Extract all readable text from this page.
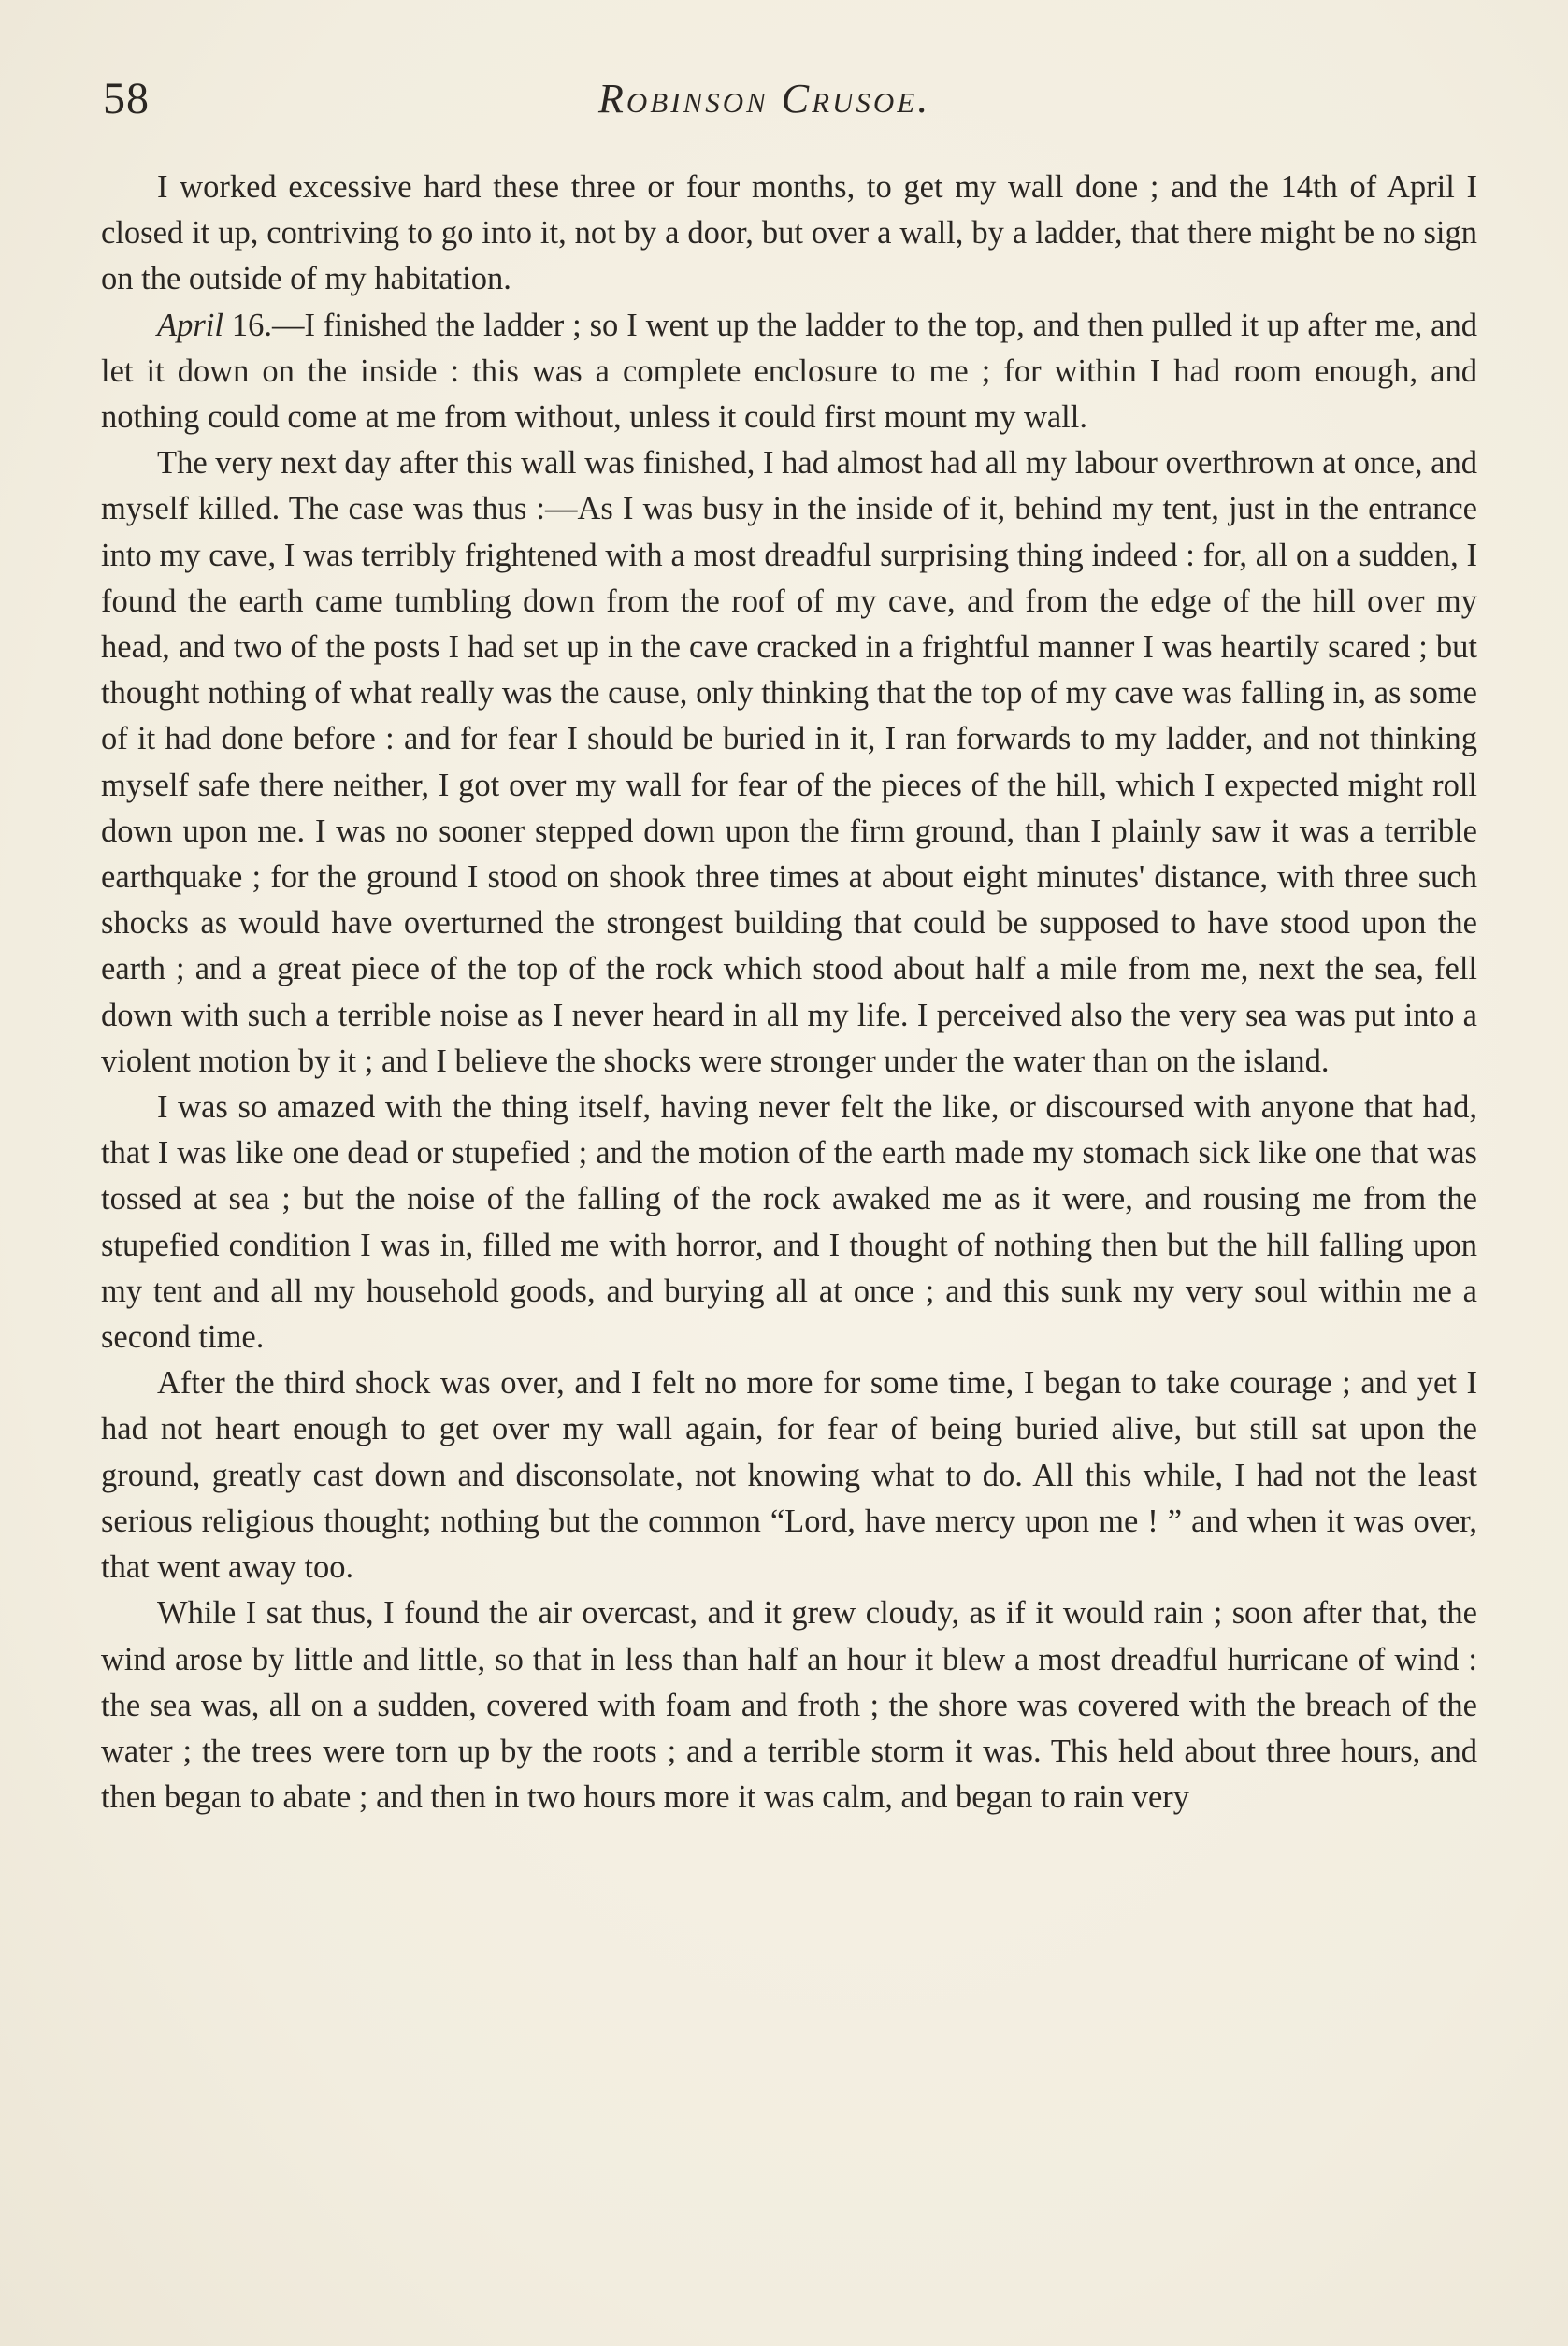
58	Robinson Crusoe.

I worked excessive hard these three or four months, to get my wall done ; and the 14th of April I closed it up, contriving to go into it, not by a door, but over a wall, by a ladder, that there might be no sign on the outside of my habitation.

April 16.—I finished the ladder ; so I went up the ladder to the top, and then pulled it up after me, and let it down on the inside : this was a complete enclosure to me ; for within I had room enough, and nothing could come at me from without, unless it could first mount my wall.

The very next day after this wall was finished, I had almost had all my labour overthrown at once, and myself killed. The case was thus :—As I was busy in the inside of it, behind my tent, just in the entrance into my cave, I was terribly frightened with a most dreadful surprising thing indeed : for, all on a sudden, I found the earth came tumbling down from the roof of my cave, and from the edge of the hill over my head, and two of the posts I had set up in the cave cracked in a frightful manner I was heartily scared ; but thought nothing of what really was the cause, only thinking that the top of my cave was falling in, as some of it had done before : and for fear I should be buried in it, I ran forwards to my ladder, and not thinking myself safe there neither, I got over my wall for fear of the pieces of the hill, which I expected might roll down upon me. I was no sooner stepped down upon the firm ground, than I plainly saw it was a terrible earthquake ; for the ground I stood on shook three times at about eight minutes' distance, with three such shocks as would have overturned the strongest building that could be supposed to have stood upon the earth ; and a great piece of the top of the rock which stood about half a mile from me, next the sea, fell down with such a terrible noise as I never heard in all my life. I perceived also the very sea was put into a violent motion by it ; and I believe the shocks were stronger under the water than on the island.

I was so amazed with the thing itself, having never felt the like, or discoursed with anyone that had, that I was like one dead or stupefied ; and the motion of the earth made my stomach sick like one that was tossed at sea ; but the noise of the falling of the rock awaked me as it were, and rousing me from the stupefied condition I was in, filled me with horror, and I thought of nothing then but the hill falling upon my tent and all my household goods, and burying all at once ; and this sunk my very soul within me a second time.

After the third shock was over, and I felt no more for some time, I began to take courage ; and yet I had not heart enough to get over my wall again, for fear of being buried alive, but still sat upon the ground, greatly cast down and disconsolate, not knowing what to do. All this while, I had not the least serious religious thought; nothing but the common “Lord, have mercy upon me ! ” and when it was over, that went away too.

While I sat thus, I found the air overcast, and it grew cloudy, as if it would rain ; soon after that, the wind arose by little and little, so that in less than half an hour it blew a most dreadful hurricane of wind : the sea was, all on a sudden, covered with foam and froth ; the shore was covered with the breach of the water ; the trees were torn up by the roots ; and a terrible storm it was. This held about three hours, and then began to abate ; and then in two hours more it was calm, and began to rain very
